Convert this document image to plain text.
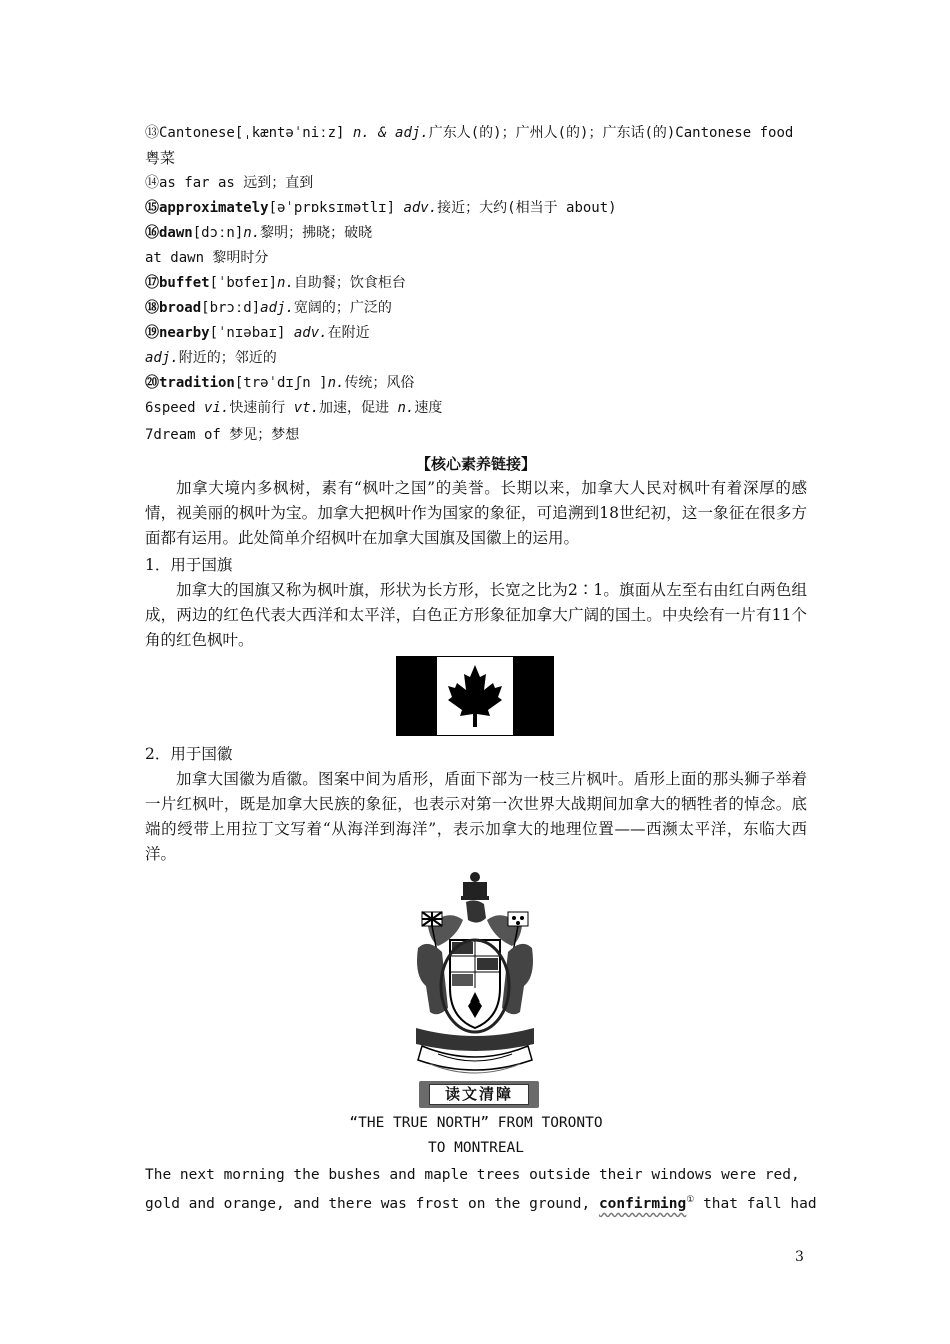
⑬Cantonese[ˌkæntəˈniːz] n. & adj.广东人(的)；广州人(的)；广东话(的)Cantonese food
粤菜
⑭as far as 远到；直到
⑮approximately[əˈprɒksɪmətlɪ] adv.接近；大约(相当于 about)
⑯dawn[dɔːn]n.黎明；拂晓；破晓
at dawn 黎明时分
⑰buffet[ˈbʊfeɪ]n.自助餐；饮食柜台
⑱broad[brɔːd]adj.宽阔的；广泛的
⑲nearby[ˈnɪəbaɪ] adv.在附近
adj.附近的；邻近的
⑳tradition[trəˈdɪʃn ]n.传统；风俗
6speed vi.快速前行 vt.加速，促进 n.速度
7dream of 梦见；梦想
【核心素养链接】
加拿大境内多枫树，素有“枫叶之国”的美誉。长期以来，加拿大人民对枫叶有着深厚的感情，视美丽的枫叶为宝。加拿大把枫叶作为国家的象征，可追溯到18世纪初，这一象征在很多方面都有运用。此处简单介绍枫叶在加拿大国旗及国徽上的运用。
1．用于国旗
加拿大的国旗又称为枫叶旗，形状为长方形，长宽之比为2∶1。旗面从左至右由红白两色组成，两边的红色代表大西洋和太平洋，白色正方形象征加拿大广阔的国土。中央绘有一片有11个角的红色枫叶。
2．用于国徽
加拿大国徽为盾徽。图案中间为盾形，盾面下部为一枝三片枫叶。盾形上面的那头狮子举着一片红枫叶，既是加拿大民族的象征，也表示对第一次世界大战期间加拿大的牺牲者的悼念。底端的绶带上用拉丁文写着“从海洋到海洋”，表示加拿大的地理位置——西濒太平洋，东临大西洋。
读文清障
“THE TRUE NORTH” FROM TORONTO
TO MONTREAL
The next morning the bushes and maple trees outside their windows were red,
gold and orange, and there was frost on the ground, confirming① that fall had
3
